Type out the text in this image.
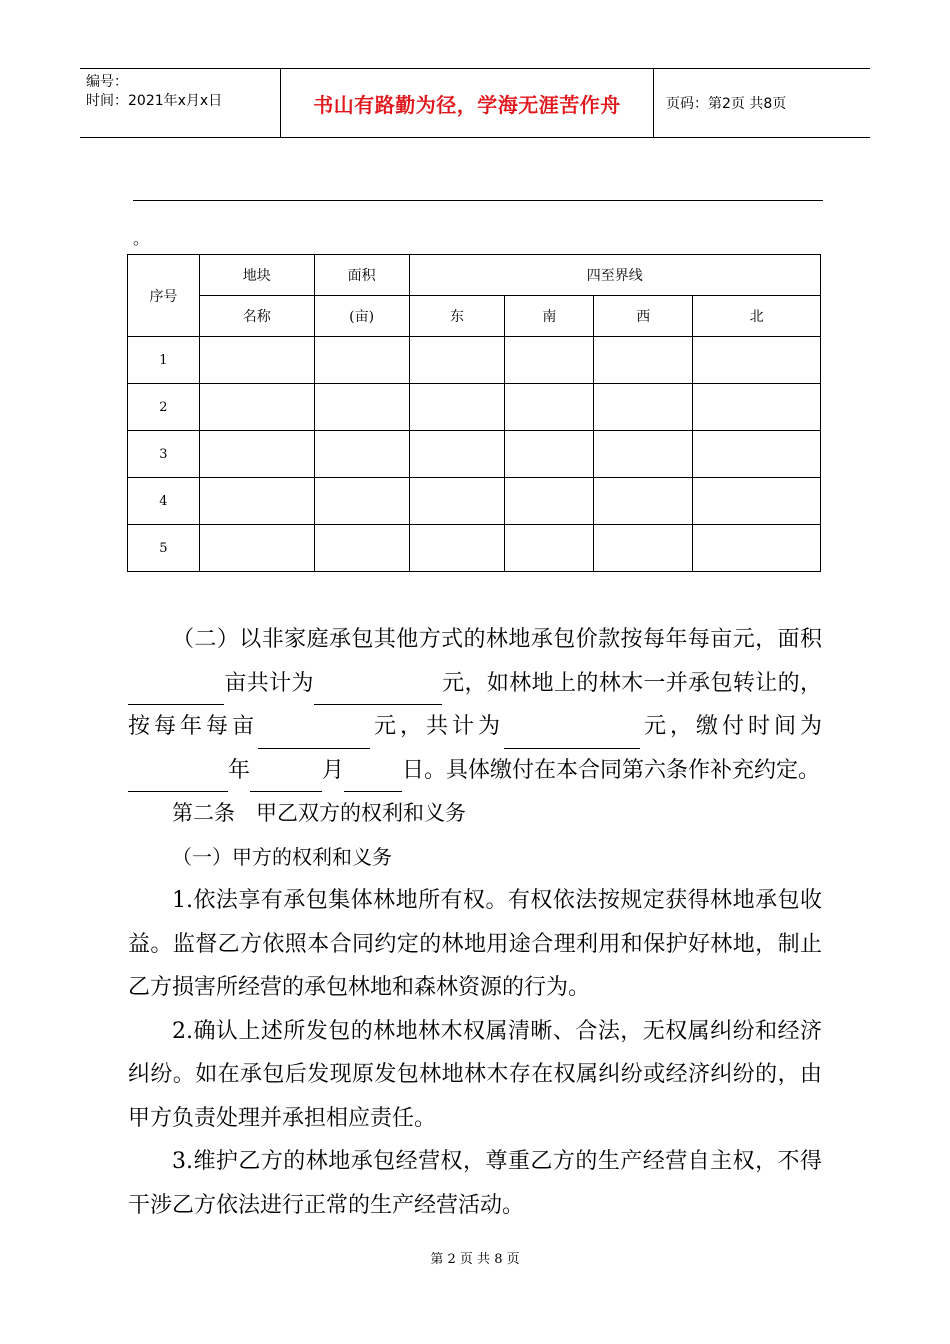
编号：
时间：2021年x月x日	书山有路勤为径，学海无涯苦作舟	页码：第2页 共8页
。
序号	地块	面积	四至界线			
	名称	(亩)	东	南	西	北
1						
2						
3						
4						
5						

（二）以非家庭承包其他方式的林地承包价款按每年每亩元，面积亩共计为	元，如林地上的林木一并承包转让的，按每年每亩	元，共计为	元，缴付时间为年	月	日。具体缴付在本合同第六条作补充约定。

第二条　甲乙双方的权利和义务

（一）甲方的权利和义务

1.依法享有承包集体林地所有权。有权依法按规定获得林地承包收益。监督乙方依照本合同约定的林地用途合理利用和保护好林地，制止乙方损害所经营的承包林地和森林资源的行为。

2.确认上述所发包的林地林木权属清晰、合法，无权属纠纷和经济纠纷。如在承包后发现原发包林地林木存在权属纠纷或经济纠纷的，由甲方负责处理并承担相应责任。

3.维护乙方的林地承包经营权，尊重乙方的生产经营自主权，不得干涉乙方依法进行正常的生产经营活动。

第 2 页 共 8 页
